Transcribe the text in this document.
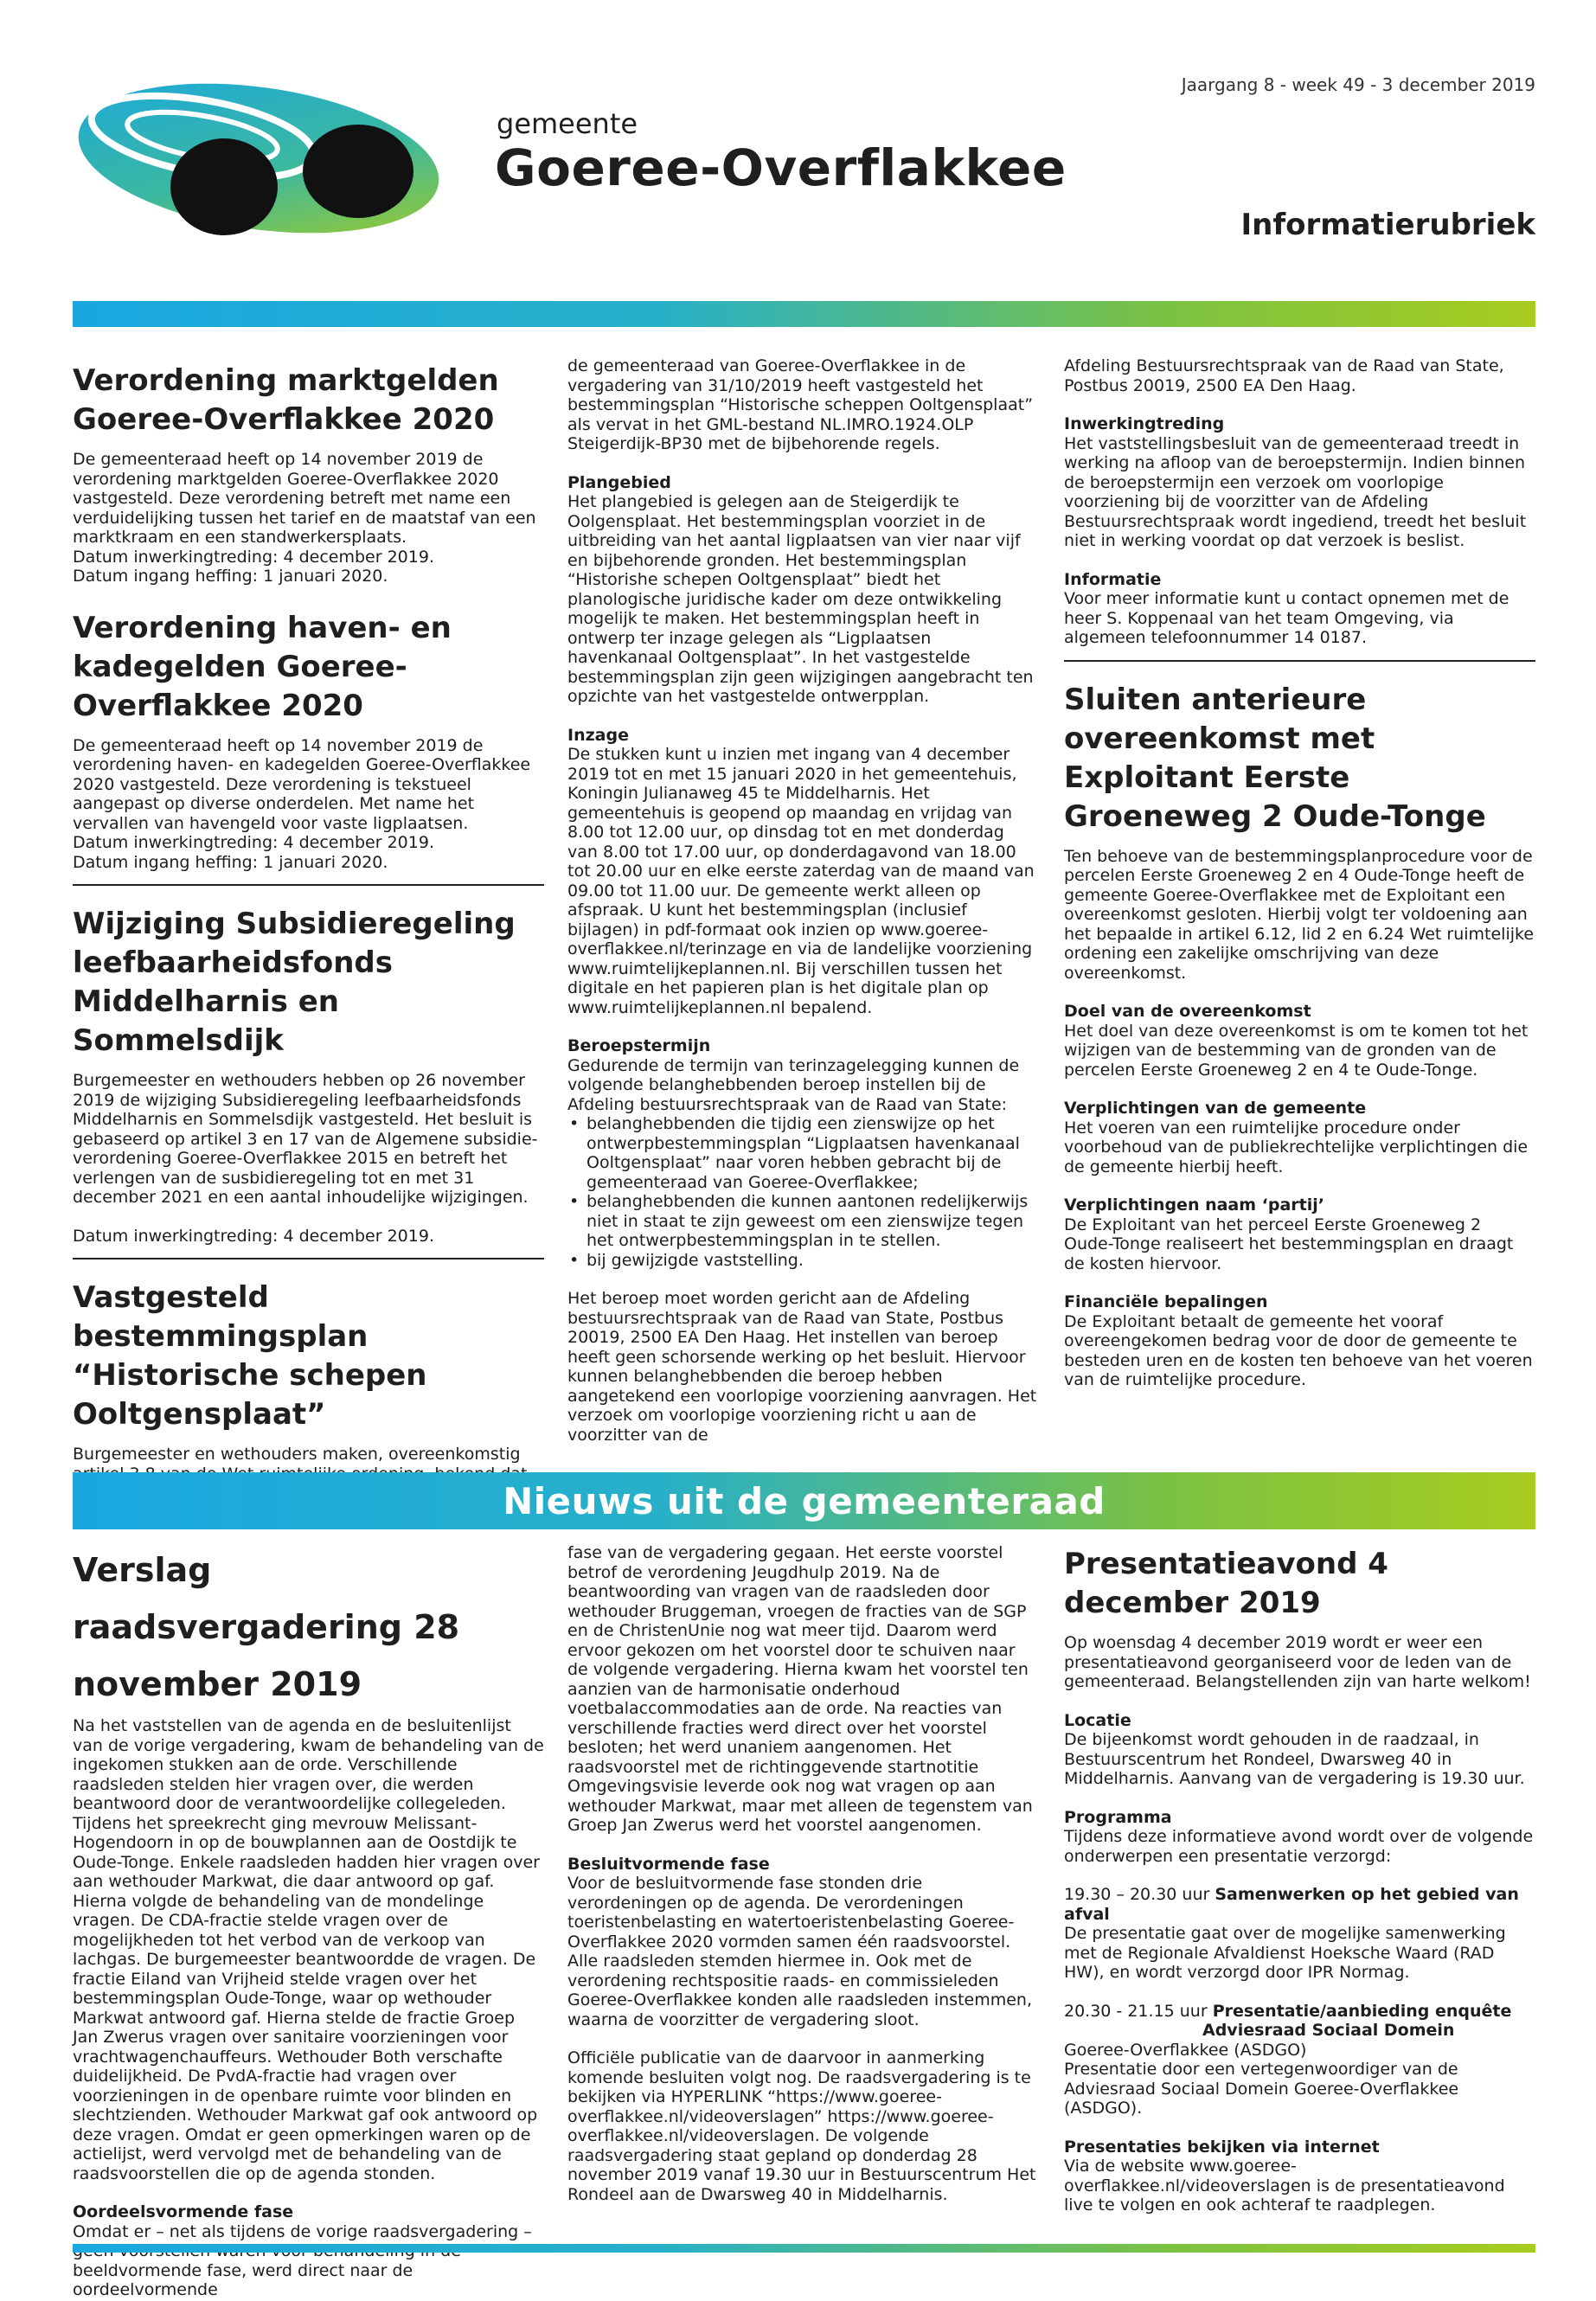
gemeente
Goeree-Overflakkee
Jaargang 8 - week 49 - 3 december 2019
Informatierubriek
Verordening marktgelden Goeree-Overflakkee 2020

De gemeenteraad heeft op 14 november 2019 de verordening marktgelden Goeree-Overflakkee 2020 vastgesteld. Deze verordening betreft met name een verduidelijking tussen het tarief en de maatstaf van een marktkraam en een standwerkersplaats.

Datum inwerkingtreding: 4 december 2019.

Datum ingang heffing: 1 januari 2020.

Verordening haven- en kadegelden Goeree-Overflakkee 2020

De gemeenteraad heeft op 14 november 2019 de verordening haven- en kadegelden Goeree-Overflakkee 2020 vastgesteld. Deze verordening is tekstueel aangepast op diverse onderdelen. Met name het vervallen van havengeld voor vaste ligplaatsen.

Datum inwerkingtreding: 4 december 2019.

Datum ingang heffing: 1 januari 2020.

Wijziging Subsidieregeling leefbaarheidsfonds Middelharnis en Sommelsdijk

Burgemeester en wethouders hebben op 26 november 2019 de wijziging Subsidieregeling leefbaarheidsfonds Middelharnis en Sommelsdijk vastgesteld. Het besluit is gebaseerd op artikel 3 en 17 van de Algemene subsidie-verordening Goeree-Overflakkee 2015 en betreft het verlengen van de susbidieregeling tot en met 31 december 2021 en een aantal inhoudelijke wijzigingen.

Datum inwerkingtreding: 4 december 2019.

Vastgesteld bestemmingsplan “Historische schepen Ooltgensplaat”

Burgemeester en wethouders maken, overeenkomstig

de gemeenteraad van Goeree-Overflakkee in de vergadering van 31/10/2019 heeft vastgesteld het bestemmingsplan “Historische scheppen Ooltgensplaat” als vervat in het GML-bestand NL.IMRO.1924.OLP Steigerdijk-BP30 met de bijbehorende regels.

Plangebied

Het plangebied is gelegen aan de Steigerdijk te Oolgensplaat. Het bestemmingsplan voorziet in de uitbreiding van het aantal ligplaatsen van vier naar vijf en bijbehorende gronden. Het bestemmingsplan “Historishe schepen Ooltgensplaat” biedt het planologische juridische kader om deze ontwikkeling mogelijk te maken. Het bestemmingsplan heeft in ontwerp ter inzage gelegen als “Ligplaatsen havenkanaal Ooltgensplaat”. In het vastgestelde bestemmingsplan zijn geen wijzigingen aangebracht ten opzichte van het vastgestelde ontwerpplan.

Inzage

De stukken kunt u inzien met ingang van 4 december 2019 tot en met 15 januari 2020 in het gemeentehuis, Koningin Julianaweg 45 te Middelharnis. Het gemeentehuis is geopend op maandag en vrijdag van 8.00 tot 12.00 uur, op dinsdag tot en met donderdag van 8.00 tot 17.00 uur, op donderdagavond van 18.00 tot 20.00 uur en elke eerste zaterdag van de maand van 09.00 tot 11.00 uur. De gemeente werkt alleen op afspraak. U kunt het bestemmingsplan (inclusief bijlagen) in pdf-formaat ook inzien op www.goeree-overflakkee.nl/terinzage en via de landelijke voorziening www.ruimtelijkeplannen.nl. Bij verschillen tussen het digitale en het papieren plan is het digitale plan op www.ruimtelijkeplannen.nl bepalend.

Beroepstermijn

Gedurende de termijn van terinzagelegging kunnen de volgende belanghebbenden beroep instellen bij de Afdeling bestuursrechtspraak van de Raad van State:

• belanghebbenden die tijdig een zienswijze op het ontwerpbestemmingsplan “Ligplaatsen havenkanaal Ooltgensplaat” naar voren hebben gebracht bij de gemeenteraad van Goeree-Overflakkee;
• belanghebbenden die kunnen aantonen redelijkerwijs niet in staat te zijn geweest om een zienswijze tegen het ontwerpbestemmingsplan in te stellen.
• bij gewijzigde vaststelling.

Het beroep moet worden gericht aan de Afdeling bestuursrechtspraak van de Raad van State, Postbus 20019, 2500 EA Den Haag. Het instellen van beroep heeft geen schorsende werking op het besluit. Hiervoor kunnen belanghebbenden die beroep hebben aangetekend een voorlopige voorziening aanvragen. Het verzoek om voorlopige voorziening richt u aan de voorzitter van de

Afdeling Bestuursrechtspraak van de Raad van State, Postbus 20019, 2500 EA Den Haag.

Inwerkingtreding

Het vaststellingsbesluit van de gemeenteraad treedt in werking na afloop van de beroepstermijn. Indien binnen de beroepstermijn een verzoek om voorlopige voorziening bij de voorzitter van de Afdeling Bestuursrechtspraak wordt ingediend, treedt het besluit niet in werking voordat op dat verzoek is beslist.

Informatie

Voor meer informatie kunt u contact opnemen met de heer S. Koppenaal van het team Omgeving, via algemeen telefoonnummer 14 0187.

Sluiten anterieure overeenkomst met Exploitant Eerste Groeneweg 2 Oude-Tonge

Ten behoeve van de bestemmingsplanprocedure voor de percelen Eerste Groeneweg 2 en 4 Oude-Tonge heeft de gemeente Goeree-Overflakkee met de Exploitant een overeenkomst gesloten. Hierbij volgt ter voldoening aan het bepaalde in artikel 6.12, lid 2 en 6.24 Wet ruimtelijke ordening een zakelijke omschrijving van deze overeenkomst.

Doel van de overeenkomst

Het doel van deze overeenkomst is om te komen tot het wijzigen van de bestemming van de gronden van de percelen Eerste Groeneweg 2 en 4 te Oude-Tonge.

Verplichtingen van de gemeente

Het voeren van een ruimtelijke procedure onder voorbehoud van de publiekrechtelijke verplichtingen die de gemeente hierbij heeft.

Verplichtingen naam ‘partij’

De Exploitant van het perceel Eerste Groeneweg 2 Oude-Tonge realiseert het bestemmingsplan en draagt de kosten hiervoor.

Financiële bepalingen

De Exploitant betaalt de gemeente het vooraf overeengekomen bedrag voor de door de gemeente te besteden uren en de kosten ten behoeve van het voeren van de ruimtelijke procedure.

Nieuws uit de gemeenteraad
Verslag raadsvergadering 28 november 2019

Na het vaststellen van de agenda en de besluitenlijst van de vorige vergadering, kwam de behandeling van de ingekomen stukken aan de orde. Verschillende raadsleden stelden hier vragen over, die werden beantwoord door de verantwoordelijke collegeleden. Tijdens het spreekrecht ging mevrouw Melissant-Hogendoorn in op de bouwplannen aan de Oostdijk te Oude-Tonge. Enkele raadsleden hadden hier vragen over aan wethouder Markwat, die daar antwoord op gaf. Hierna volgde de behandeling van de mondelinge vragen. De CDA-fractie stelde vragen over de mogelijkheden tot het verbod van de verkoop van lachgas. De burgemeester beantwoordde de vragen. De fractie Eiland van Vrijheid stelde vragen over het bestemmingsplan Oude-Tonge, waar op wethouder Markwat antwoord gaf. Hierna stelde de fractie Groep Jan Zwerus vragen over sanitaire voorzieningen voor vrachtwagenchauffeurs. Wethouder Both verschafte duidelijkheid. De PvdA-fractie had vragen over voorzieningen in de openbare ruimte voor blinden en slechtzienden. Wethouder Markwat gaf ook antwoord op deze vragen. Omdat er geen opmerkingen waren op de actielijst, werd vervolgd met de behandeling van de raadsvoorstellen die op de agenda stonden.

Oordeelsvormende fase

Omdat er – net als tijdens de vorige raadsvergadering – beeldvormende fase, werd direct naar de oordeelvormende

fase van de vergadering gegaan. Het eerste voorstel betrof de verordening Jeugdhulp 2019. Na de beantwoording van vragen van de raadsleden door wethouder Bruggeman, vroegen de fracties van de SGP en de ChristenUnie nog wat meer tijd. Daarom werd ervoor gekozen om het voorstel door te schuiven naar de volgende vergadering. Hierna kwam het voorstel ten aanzien van de harmonisatie onderhoud voetbalaccommodaties aan de orde. Na reacties van verschillende fracties werd direct over het voorstel besloten; het werd unaniem aangenomen. Het raadsvoorstel met de richtinggevende startnotitie Omgevingsvisie leverde ook nog wat vragen op aan wethouder Markwat, maar met alleen de tegenstem van Groep Jan Zwerus werd het voorstel aangenomen.

Besluitvormende fase

Voor de besluitvormende fase stonden drie verordeningen op de agenda. De verordeningen toeristenbelasting en watertoeristenbelasting Goeree-Overflakkee 2020 vormden samen één raadsvoorstel. Alle raadsleden stemden hiermee in. Ook met de verordening rechtspositie raads- en commissieleden Goeree-Overflakkee konden alle raadsleden instemmen, waarna de voorzitter de vergadering sloot.

Officiële publicatie van de daarvoor in aanmerking komende besluiten volgt nog. De raadsvergadering is te bekijken via HYPERLINK “https://www.goeree-overflakkee.nl/videoverslagen” https://www.goeree-overflakkee.nl/videoverslagen. De volgende raadsvergadering staat gepland op donderdag 28 november 2019 vanaf 19.30 uur in Bestuurscentrum Het Rondeel aan de Dwarsweg 40 in Middelharnis.

Presentatieavond 4 december 2019

Op woensdag 4 december 2019 wordt er weer een presentatieavond georganiseerd voor de leden van de gemeenteraad. Belangstellenden zijn van harte welkom!

Locatie

De bijeenkomst wordt gehouden in de raadzaal, in Bestuurscentrum het Rondeel, Dwarsweg 40 in Middelharnis. Aanvang van de vergadering is 19.30 uur.

Programma

Tijdens deze informatieve avond wordt over de volgende onderwerpen een presentatie verzorgd:

19.30 – 20.30 uur Samenwerken op het gebied van afval

De presentatie gaat over de mogelijke samenwerking met de Regionale Afvaldienst Hoeksche Waard (RAD HW), en wordt verzorgd door IPR Normag.

20.30 - 21.15 uur Presentatie/aanbieding enquête

Adviesraad Sociaal Domein

Goeree-Overflakkee (ASDGO)

Presentatie door een vertegenwoordiger van de Adviesraad Sociaal Domein Goeree-Overflakkee (ASDGO).

Presentaties bekijken via internet

Via de website www.goeree-overflakkee.nl/videoverslagen is de presentatieavond live te volgen en ook achteraf te raadplegen.
